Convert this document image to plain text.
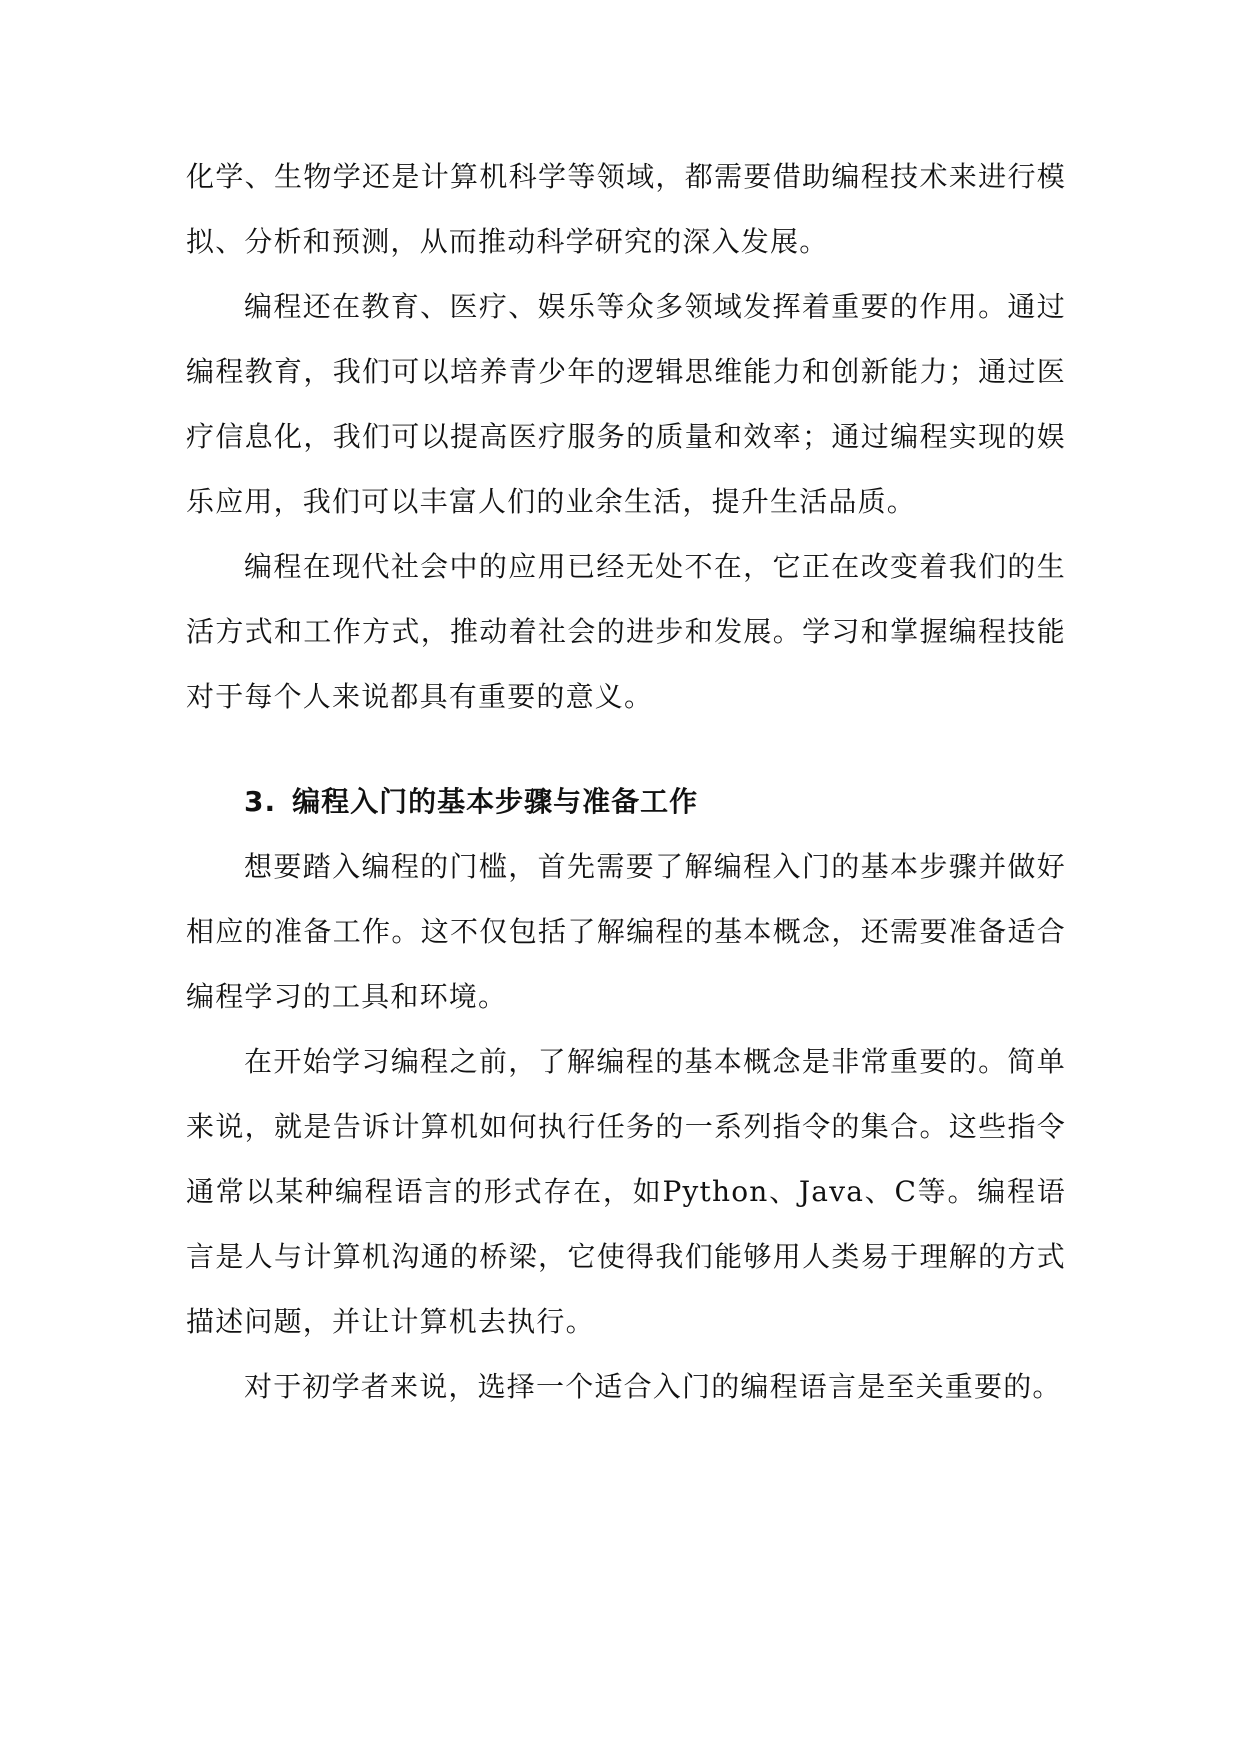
化学、生物学还是计算机科学等领域，都需要借助编程技术来进行模拟、分析和预测，从而推动科学研究的深入发展。

编程还在教育、医疗、娱乐等众多领域发挥着重要的作用。通过编程教育，我们可以培养青少年的逻辑思维能力和创新能力；通过医疗信息化，我们可以提高医疗服务的质量和效率；通过编程实现的娱乐应用，我们可以丰富人们的业余生活，提升生活品质。

编程在现代社会中的应用已经无处不在，它正在改变着我们的生活方式和工作方式，推动着社会的进步和发展。学习和掌握编程技能对于每个人来说都具有重要的意义。

3. 编程入门的基本步骤与准备工作

想要踏入编程的门槛，首先需要了解编程入门的基本步骤并做好相应的准备工作。这不仅包括了解编程的基本概念，还需要准备适合编程学习的工具和环境。

在开始学习编程之前，了解编程的基本概念是非常重要的。简单来说，就是告诉计算机如何执行任务的一系列指令的集合。这些指令通常以某种编程语言的形式存在，如Python、Java、C等。编程语言是人与计算机沟通的桥梁，它使得我们能够用人类易于理解的方式描述问题，并让计算机去执行。

对于初学者来说，选择一个适合入门的编程语言是至关重要的。
